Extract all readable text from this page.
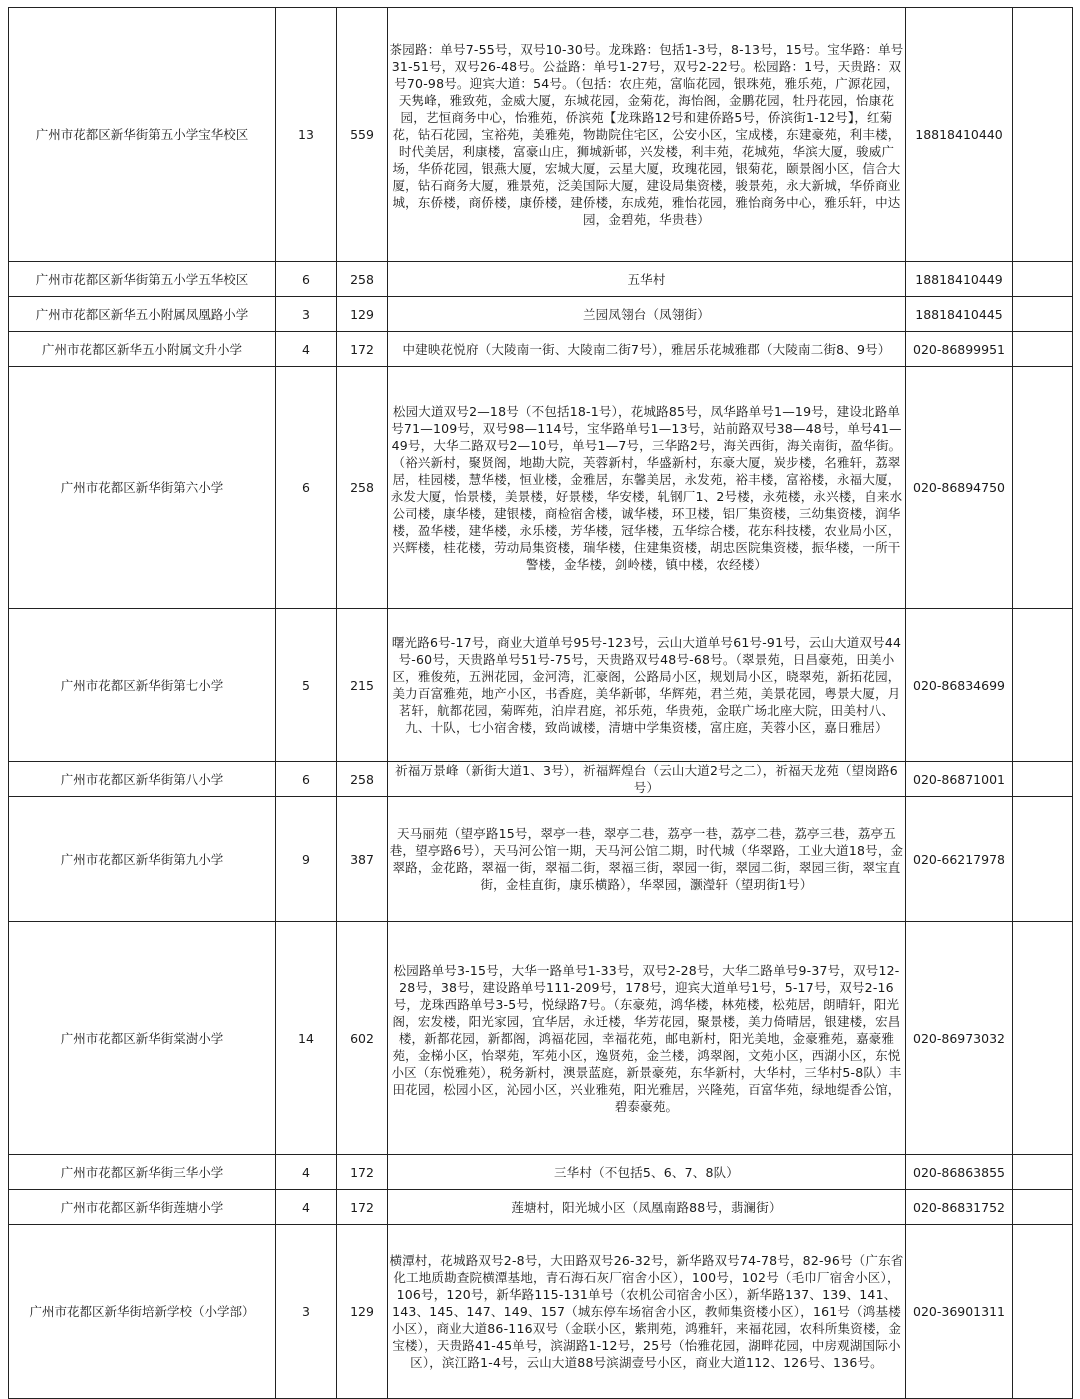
广州市花都区新华街第五小学宝华校区	13	559	茶园路：单号7-55号，双号10-30号。龙珠路：包括1-3号，8-13号，15号。宝华路：单号31-51号，双号26-48号。公益路：单号1-27号，双号2-22号。松园路：1号，天贵路：双号70-98号。迎宾大道：54号。（包括：农庄苑，富临花园，银珠苑，雅乐苑，广源花园，天隽峰，雅致苑，金威大厦，东城花园，金菊花，海怡阁，金鹏花园，牡丹花园，怡康花园，艺恒商务中心，怡雅苑，侨滨苑【龙珠路12号和建侨路5号，侨滨街1-12号】，红菊花，钻石花园，宝裕苑，美雅苑，物勘院住宅区，公安小区，宝成楼，东建豪苑，利丰楼，时代美居，利康楼，富豪山庄，狮城新邨，兴发楼，利丰苑，花城苑，华滨大厦，骏威广场，华侨花园，银燕大厦，宏城大厦，云星大厦，玫瑰花园，银菊花，颐景阁小区，信合大厦，钻石商务大厦，雅景苑，泛美国际大厦，建设局集资楼，骏景苑，永大新城，华侨商业城，东侨楼，商侨楼，康侨楼，建侨楼，东成苑，雅怡花园，雅怡商务中心，雅乐轩，中达园，金碧苑，华贵巷）	18818410440	
广州市花都区新华街第五小学五华校区	6	258	五华村	18818410449	
广州市花都区新华五小附属凤凰路小学	3	129	兰园凤翎台（凤翎街）	18818410445	
广州市花都区新华五小附属文升小学	4	172	中建映花悦府（大陵南一街、大陵南二街7号），雅居乐花城雅郡（大陵南二街8、9号）	020-86899951	
广州市花都区新华街第六小学	6	258	松园大道双号2—18号（不包括18-1号），花城路85号，凤华路单号1—19号，建设北路单号71—109号，双号98—114号，宝华路单号1—13号，站前路双号38—48号，单号41—49号，大华二路双号2—10号，单号1—7号，三华路2号，海关西街，海关南街，盈华街。（裕兴新村，聚贤阁，地勘大院，芙蓉新村，华盛新村，东豪大厦，炭步楼，名雅轩，荔翠居，桂园楼，慧华楼，恒业楼，金雅居，东馨美居，永发苑，裕丰楼，富裕楼，永福大厦，永发大厦，怡景楼，美景楼，好景楼，华安楼，轧钢厂1、2号楼，永苑楼，永兴楼，自来水公司楼，康华楼，建银楼，商检宿舍楼，诚华楼，环卫楼，铝厂集资楼，三幼集资楼，润华楼，盈华楼，建华楼，永乐楼，芳华楼，冠华楼，五华综合楼，花东科技楼，农业局小区，兴辉楼，桂花楼，劳动局集资楼，瑞华楼，住建集资楼，胡忠医院集资楼，振华楼，一所干警楼，金华楼，剑岭楼，镇中楼，农经楼）	020-86894750	
广州市花都区新华街第七小学	5	215	曙光路6号-17号，商业大道单号95号-123号，云山大道单号61号-91号，云山大道双号44号-60号，天贵路单号51号-75号，天贵路双号48号-68号。（翠景苑，日昌豪苑，田美小区，雅俊苑，五洲花园，金河湾，汇豪阁，公路局小区，规划局小区，晓翠苑，新拓花园，美力百富雅苑，地产小区，书香庭，美华新邨，华辉苑，君兰苑，美景花园，粤景大厦，月茗轩，航都花园，菊晖苑，泊岸君庭，祁乐苑，华贵苑，金联广场北座大院，田美村八、九、十队，七小宿舍楼，致尚诚楼，清塘中学集资楼，富庄庭，芙蓉小区，嘉日雅居）	020-86834699	
广州市花都区新华街第八小学	6	258	祈福万景峰（新街大道1、3号），祈福辉煌台（云山大道2号之二），祈福天龙苑（望岗路6号）	020-86871001	
广州市花都区新华街第九小学	9	387	天马丽苑（望亭路15号，翠亭一巷，翠亭二巷，荔亭一巷，荔亭二巷，荔亭三巷，荔亭五巷，望亭路6号），天马河公馆一期，天马河公馆二期，时代城（华翠路，工业大道18号，金翠路，金花路，翠福一街，翠福二街，翠福三街，翠园一街，翠园二街，翠园三街，翠宝直街，金桂直街，康乐横路），华翠园，灏瀅轩（望玥街1号）	020-66217978	
广州市花都区新华街棠澍小学	14	602	松园路单号3-15号，大华一路单号1-33号，双号2-28号，大华二路单号9-37号，双号12-28号，38号，建设路单号111-209号，178号，迎宾大道单号1号，5-17号，双号2-16号，龙珠西路单号3-5号，悦绿路7号。（东豪苑，鸿华楼，林苑楼，松苑居，朗晴轩，阳光阁，宏发楼，阳光家园，宜华居，永迁楼，华芳花园，聚景楼，美力倚晴居，银建楼，宏昌楼，新都花园，新都阁，鸿福花园，幸福花苑，邮电新村，阳光美地，金豪雅苑，嘉豪雅苑，金梯小区，怡翠苑，军苑小区，逸贤苑，金兰楼，鸿翠阁，文苑小区，西湖小区，东悦小区（东悦雅苑），税务新村，澳景蓝庭，新景豪苑，东华新村，大华村，三华村5-8队）丰田花园，松园小区，沁园小区，兴业雅苑，阳光雅居，兴隆苑，百富华苑，绿地缇香公馆，碧泰豪苑。	020-86973032	
广州市花都区新华街三华小学	4	172	三华村（不包括5、6、7、8队）	020-86863855	
广州市花都区新华街莲塘小学	4	172	莲塘村，阳光城小区（凤凰南路88号，翡澜街）	020-86831752	
广州市花都区新华街培新学校（小学部）	3	129	横潭村，花城路双号2-8号，大田路双号26-32号，新华路双号74-78号，82-96号（广东省化工地质勘查院横潭基地，青石海石灰厂宿舍小区），100号，102号（毛巾厂宿舍小区），106号，120号，新华路115-131单号（农机公司宿舍小区），新华路137、139、141、143、145、147、149、157（城东停车场宿舍小区，教师集资楼小区），161号（鸿基楼小区），商业大道86-116双号（金联小区，紫荆苑，鸿雅轩，来福花园，农科所集资楼，金宝楼），天贵路41-45单号，滨湖路1-12号，25号（怡雅花园，湖畔花园，中房观湖国际小区），滨江路1-4号，云山大道88号滨湖壹号小区，商业大道112、126号、136号。	020-36901311	
